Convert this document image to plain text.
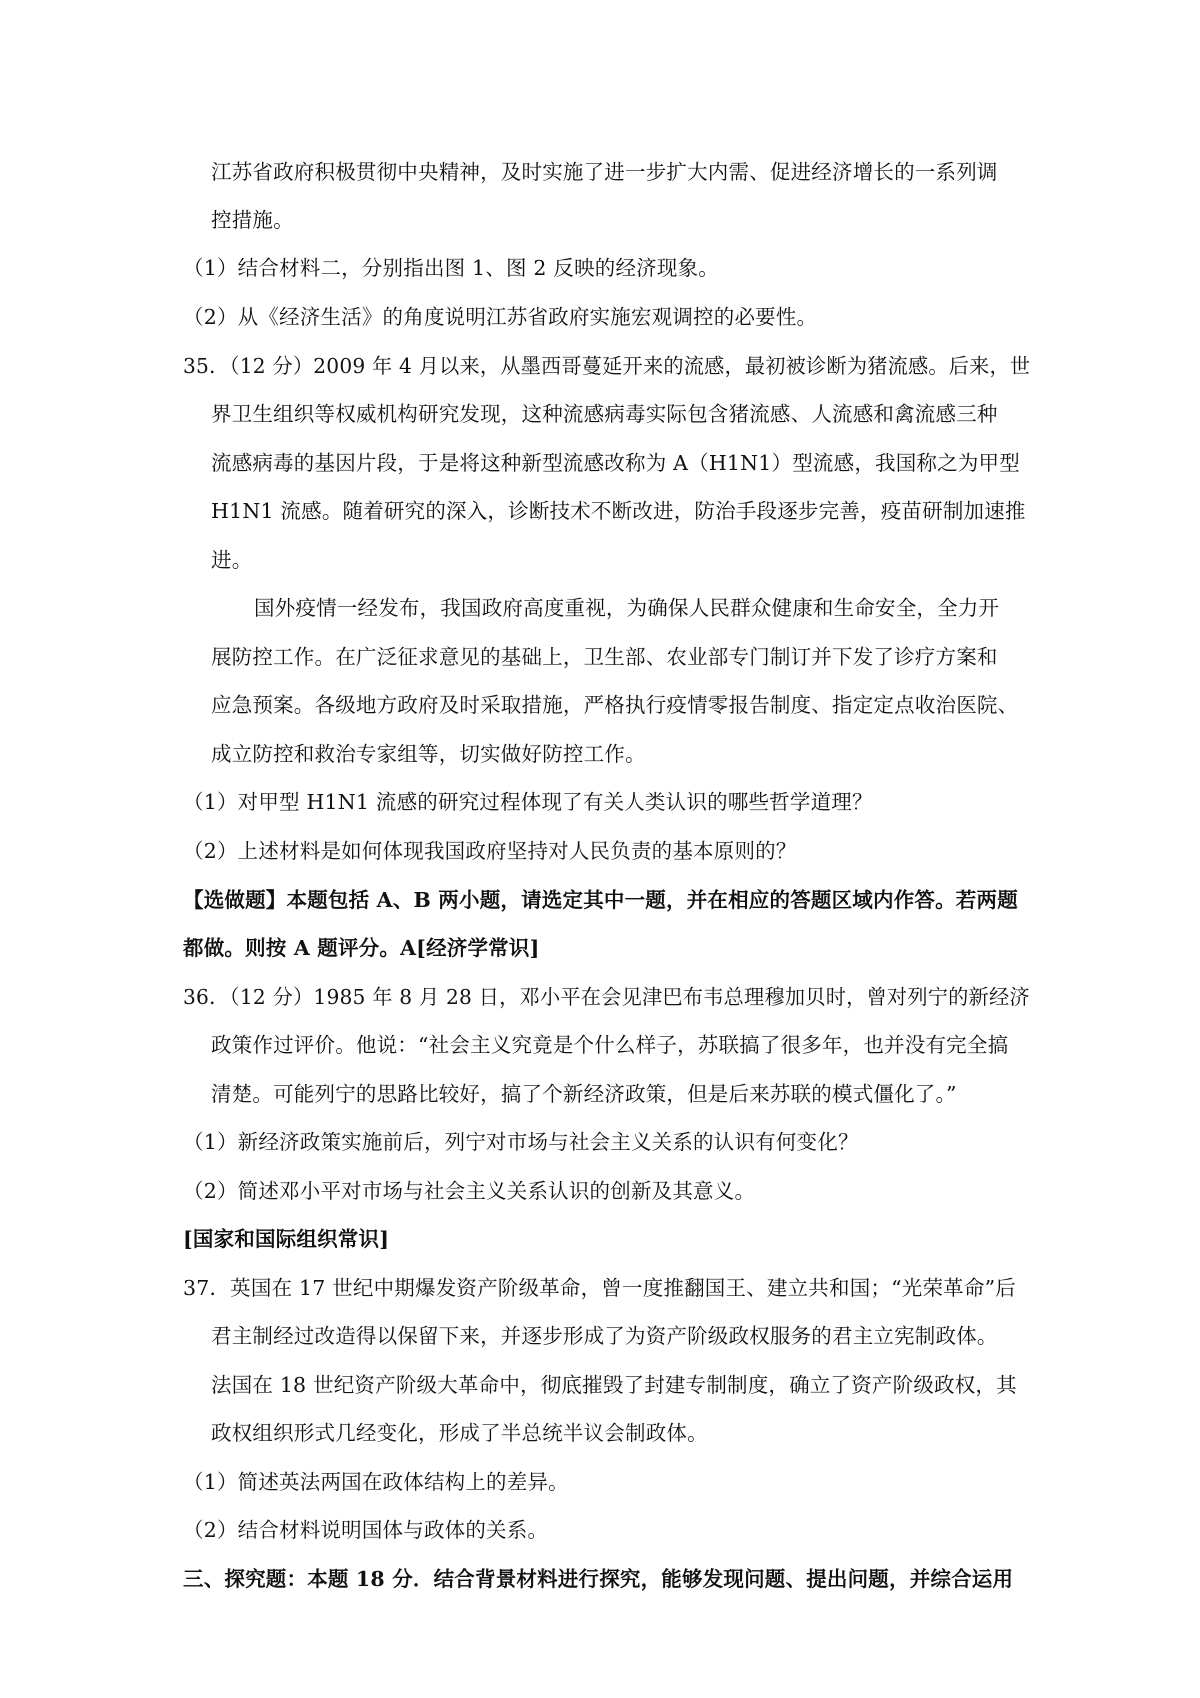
江苏省政府积极贯彻中央精神，及时实施了进一步扩大内需、促进经济增长的一系列调
控措施。
（1）结合材料二，分别指出图 1、图 2 反映的经济现象。
（2）从《经济生活》的角度说明江苏省政府实施宏观调控的必要性。
35．（12 分）2009 年 4 月以来，从墨西哥蔓延开来的流感，最初被诊断为猪流感。后来，世
界卫生组织等权威机构研究发现，这种流感病毒实际包含猪流感、人流感和禽流感三种
流感病毒的基因片段，于是将这种新型流感改称为 A（H1N1）型流感，我国称之为甲型
H1N1 流感。随着研究的深入，诊断技术不断改进，防治手段逐步完善，疫苗研制加速推
进。
国外疫情一经发布，我国政府高度重视，为确保人民群众健康和生命安全，全力开
展防控工作。在广泛征求意见的基础上，卫生部、农业部专门制订并下发了诊疗方案和
应急预案。各级地方政府及时采取措施，严格执行疫情零报告制度、指定定点收治医院、
成立防控和救治专家组等，切实做好防控工作。
（1）对甲型 H1N1 流感的研究过程体现了有关人类认识的哪些哲学道理？
（2）上述材料是如何体现我国政府坚持对人民负责的基本原则的？
【选做题】本题包括 A、B 两小题，请选定其中一题，并在相应的答题区域内作答。若两题
都做。则按 A 题评分。A[经济学常识]
36．（12 分）1985 年 8 月 28 日，邓小平在会见津巴布韦总理穆加贝时，曾对列宁的新经济
政策作过评价。他说：“社会主义究竟是个什么样子，苏联搞了很多年，也并没有完全搞
清楚。可能列宁的思路比较好，搞了个新经济政策，但是后来苏联的模式僵化了。”
（1）新经济政策实施前后，列宁对市场与社会主义关系的认识有何变化？
（2）简述邓小平对市场与社会主义关系认识的创新及其意义。
[国家和国际组织常识]
37．英国在 17 世纪中期爆发资产阶级革命，曾一度推翻国王、建立共和国；“光荣革命”后
君主制经过改造得以保留下来，并逐步形成了为资产阶级政权服务的君主立宪制政体。
法国在 18 世纪资产阶级大革命中，彻底摧毁了封建专制制度，确立了资产阶级政权，其
政权组织形式几经变化，形成了半总统半议会制政体。
（1）简述英法两国在政体结构上的差异。
（2）结合材料说明国体与政体的关系。
三、探究题：本题 18 分．结合背景材料进行探究，能够发现问题、提出问题，并综合运用
